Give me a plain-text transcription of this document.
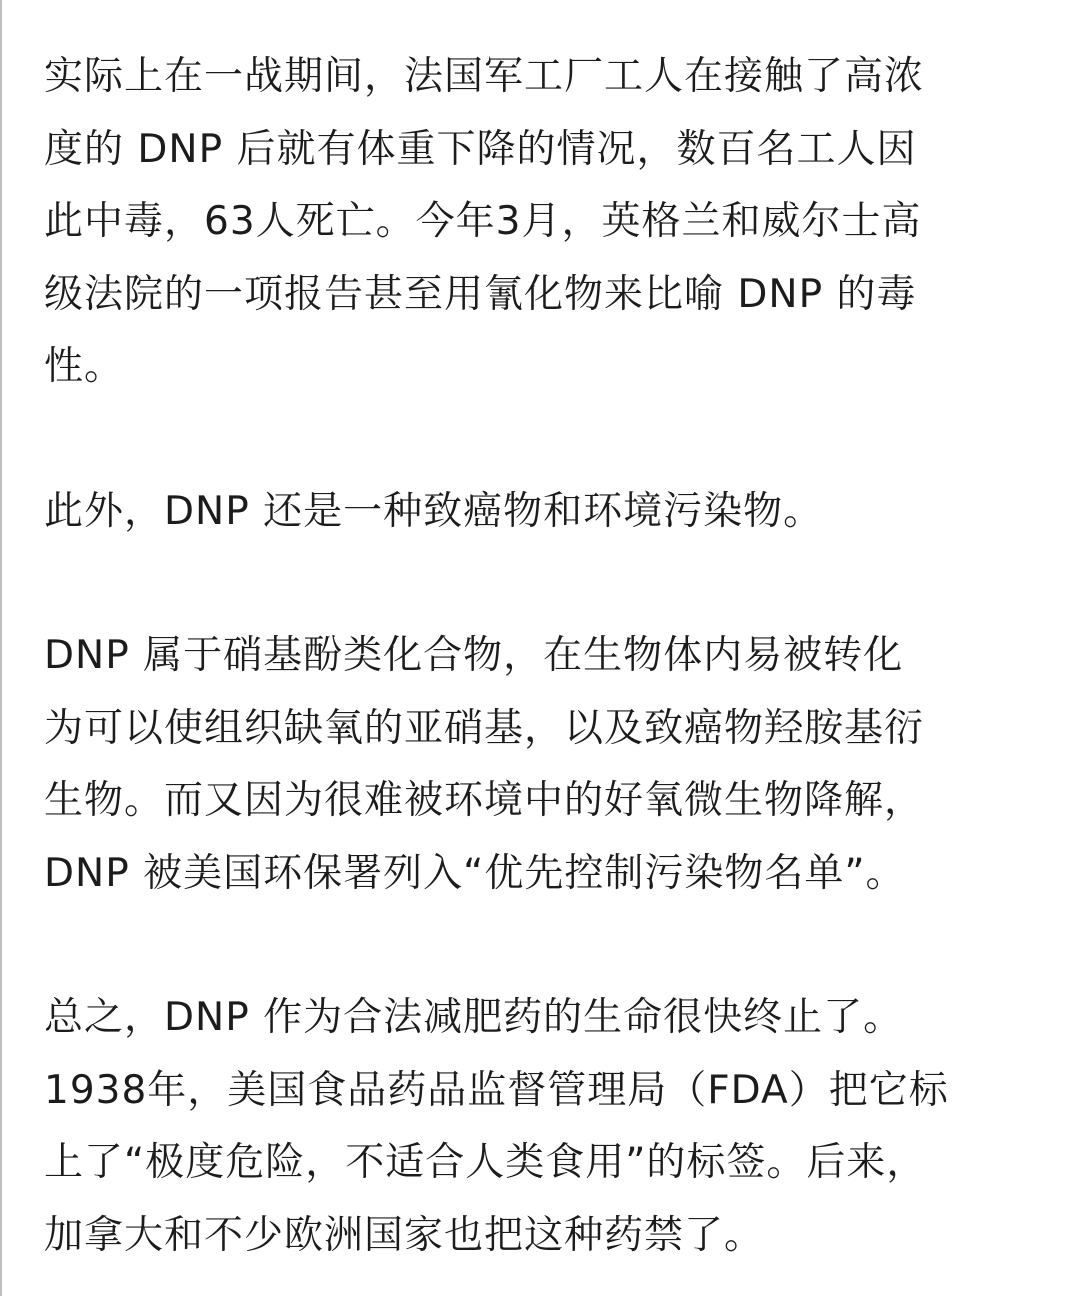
实际上在一战期间，法国军工厂工人在接触了高浓
度的 DNP 后就有体重下降的情况，数百名工人因
此中毒，63人死亡。今年3月，英格兰和威尔士高
级法院的一项报告甚至用氰化物来比喻 DNP 的毒
性。

此外，DNP 还是一种致癌物和环境污染物。

DNP 属于硝基酚类化合物，在生物体内易被转化
为可以使组织缺氧的亚硝基，以及致癌物羟胺基衍
生物。而又因为很难被环境中的好氧微生物降解，
DNP 被美国环保署列入“优先控制污染物名单”。

总之，DNP 作为合法减肥药的生命很快终止了。
1938年，美国食品药品监督管理局（FDA）把它标
上了“极度危险，不适合人类食用”的标签。后来，
加拿大和不少欧洲国家也把这种药禁了。
